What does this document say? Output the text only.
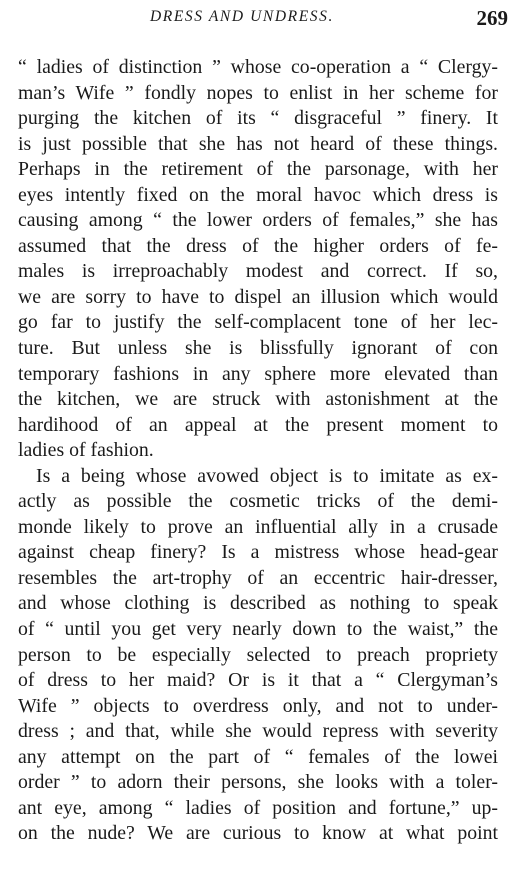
DRESS AND UNDRESS.	269
“ ladies of distinction ” whose co-operation a “ Clergy-
man’s Wife ” fondly nopes to enlist in her scheme for
purging the kitchen of its “ disgraceful ” finery. It
is just possible that she has not heard of these things.
Perhaps in the retirement of the parsonage, with her
eyes intently fixed on the moral havoc which dress is
causing among “ the lower orders of females,” she has
assumed that the dress of the higher orders of fe-
males is irreproachably modest and correct. If so,
we are sorry to have to dispel an illusion which would
go far to justify the self-complacent tone of her lec-
ture. But unless she is blissfully ignorant of con
temporary fashions in any sphere more elevated than
the kitchen, we are struck with astonishment at the
hardihood of an appeal at the present moment to
ladies of fashion.
Is a being whose avowed object is to imitate as ex-
actly as possible the cosmetic tricks of the demi-
monde likely to prove an influential ally in a crusade
against cheap finery? Is a mistress whose head-gear
resembles the art-trophy of an eccentric hair-dresser,
and whose clothing is described as nothing to speak
of “ until you get very nearly down to the waist,” the
person to be especially selected to preach propriety
of dress to her maid? Or is it that a “ Clergyman’s
Wife ” objects to overdress only, and not to under-
dress ; and that, while she would repress with severity
any attempt on the part of “ females of the lowei
order ” to adorn their persons, she looks with a toler-
ant eye, among “ ladies of position and fortune,” up-
on the nude? We are curious to know at what point
